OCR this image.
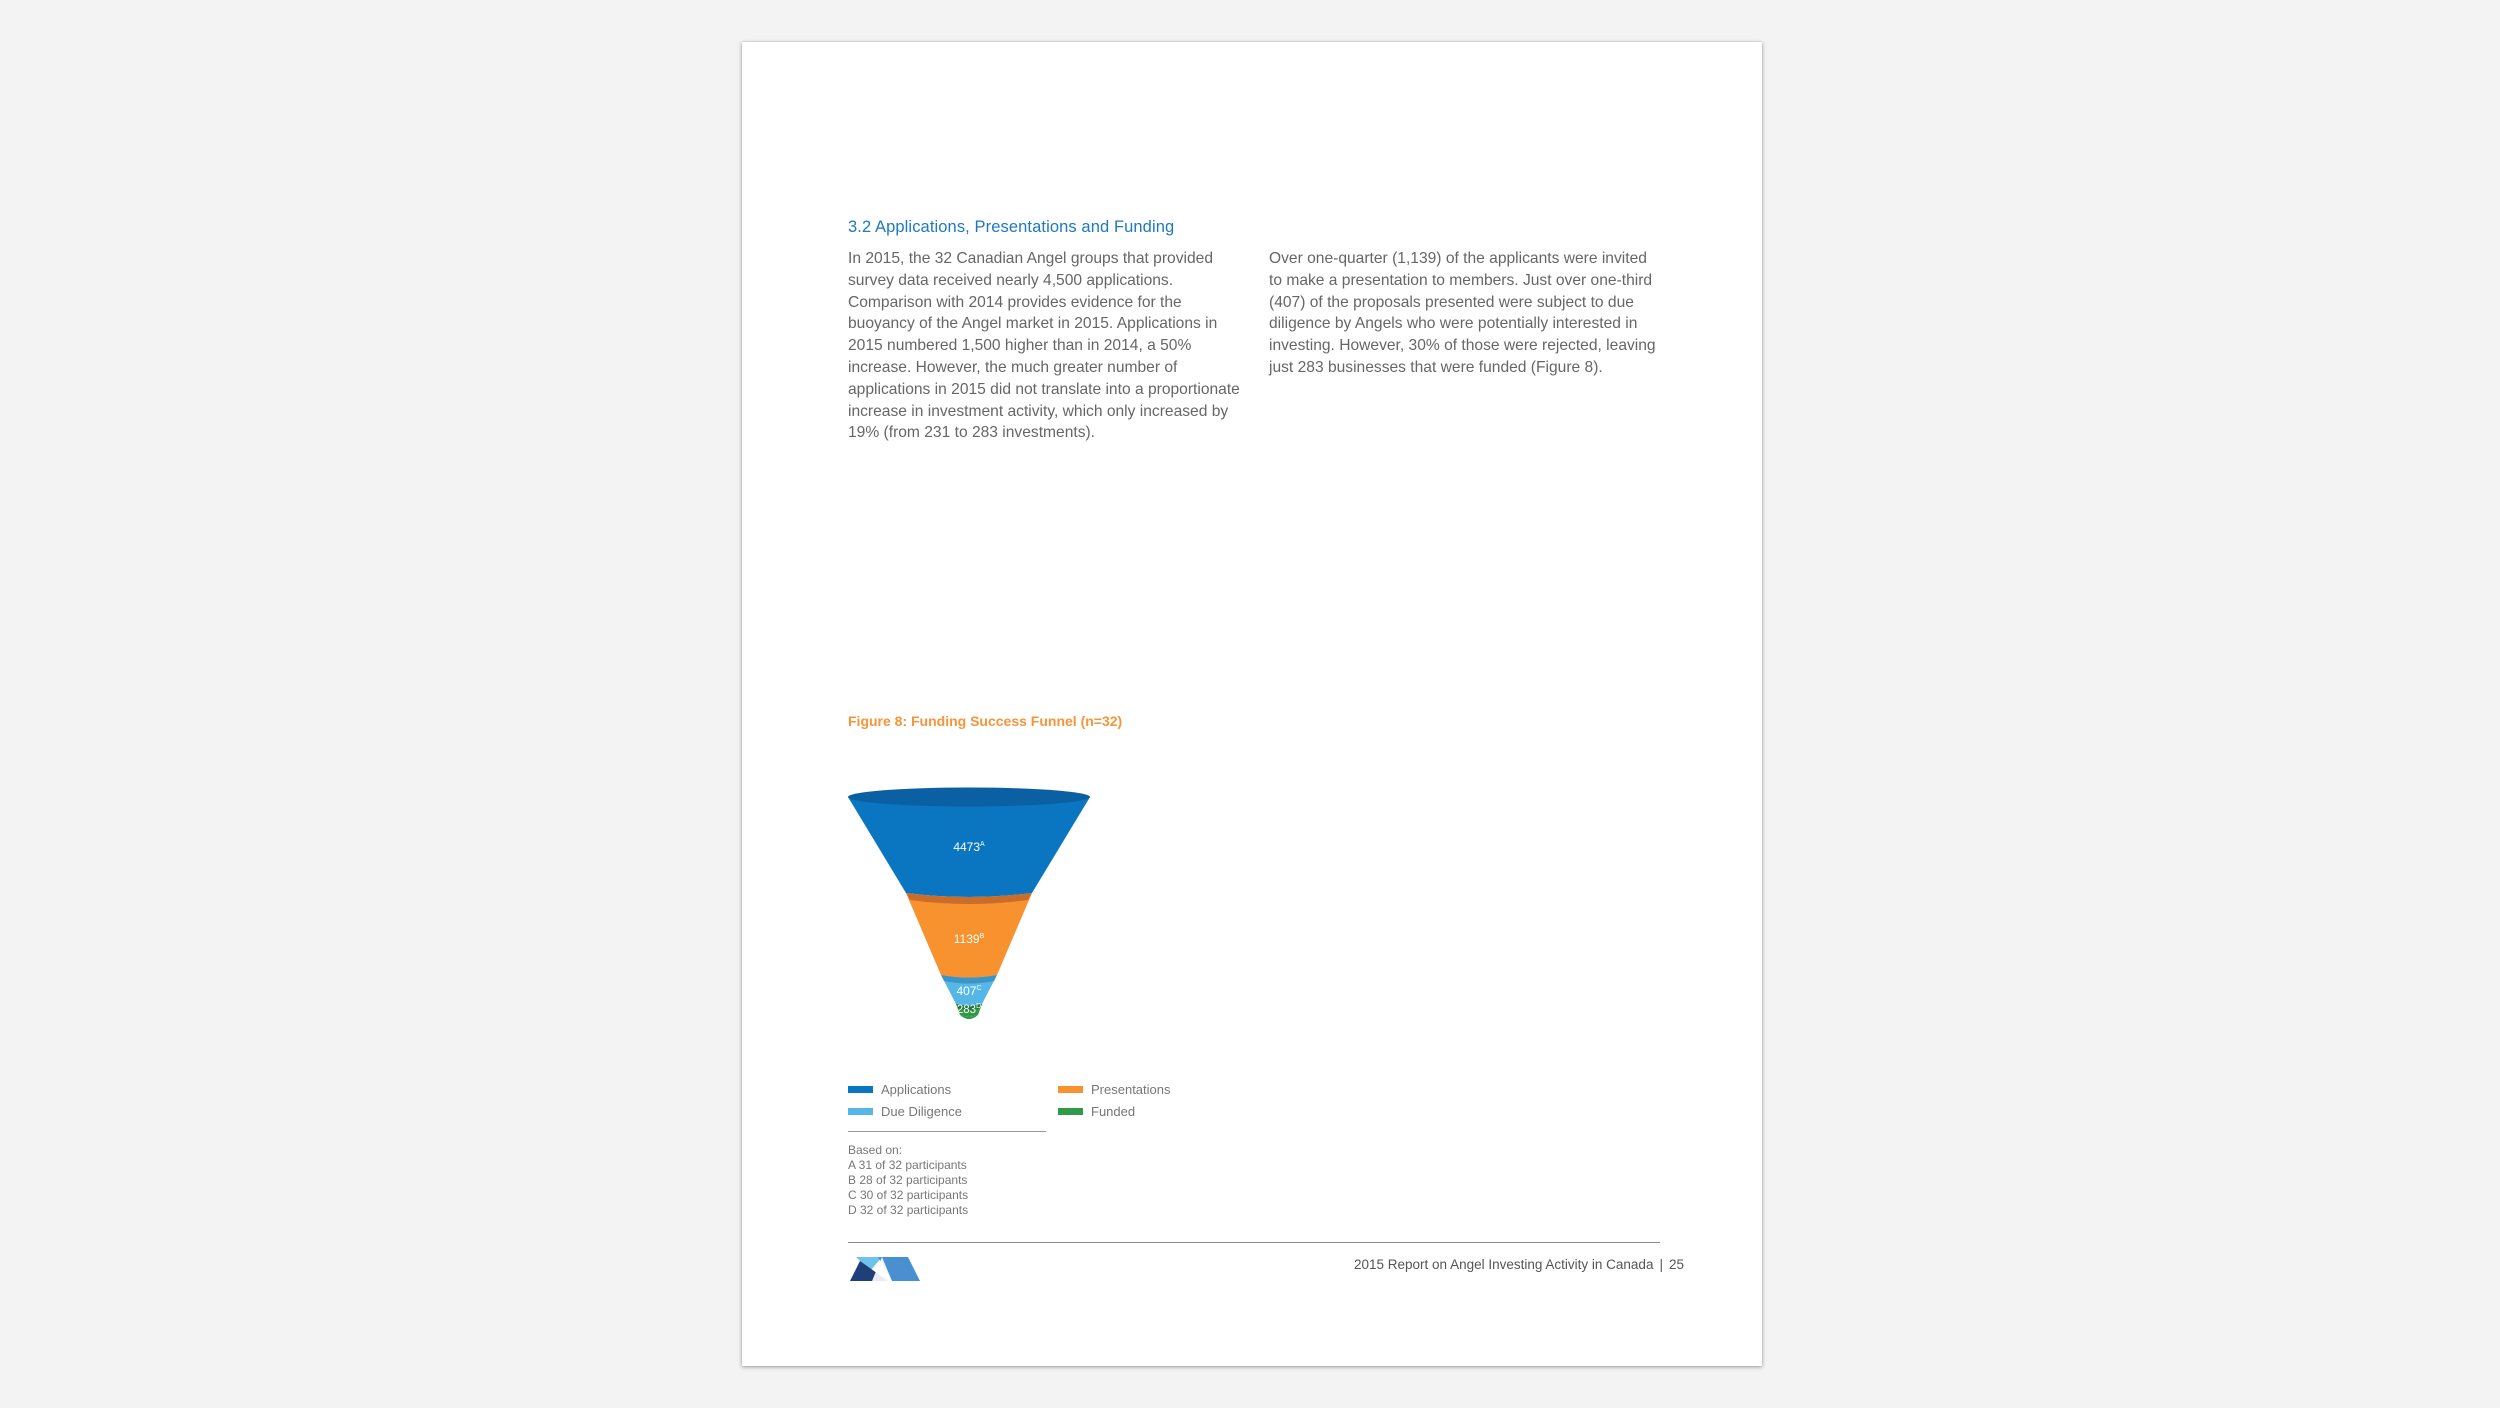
3.2 Applications, Presentations and Funding

In 2015, the 32 Canadian Angel groups that provided survey data received nearly 4,500 applications. Comparison with 2014 provides evidence for the buoyancy of the Angel market in 2015. Applications in 2015 numbered 1,500 higher than in 2014, a 50% increase. However, the much greater number of applications in 2015 did not translate into a proportionate increase in investment activity, which only increased by 19% (from 231 to 283 investments).

Over one-quarter (1,139) of the applicants were invited to make a presentation to members. Just over one-third (407) of the proposals presented were subject to due diligence by Angels who were potentially interested in investing. However, 30% of those were rejected, leaving just 283 businesses that were funded (Figure 8).

Figure 8: Funding Success Funnel (n=32)
$4473^A$
$1139^B$
$407^C$
$283^D$
Applications	Presentations
Due Diligence	Funded
Based on:
A 31 of 32 participants
B 28 of 32 participants
C 30 of 32 participants
D 32 of 32 participants
2015 Report on Angel Investing Activity in Canada | 25
